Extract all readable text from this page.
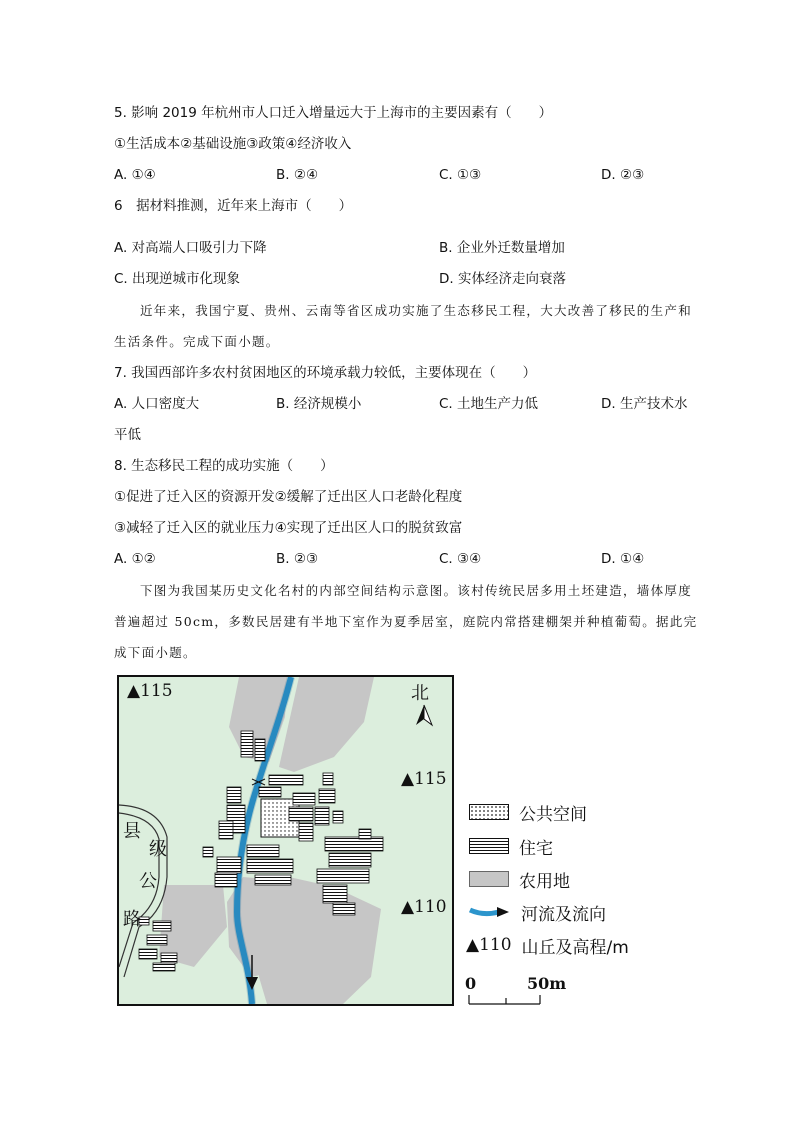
5. 影响 2019 年杭州市人口迁入增量远大于上海市的主要因素有（　　）
①生活成本②基础设施③政策④经济收入
A. ①④	B. ②④	C. ①③	D. ②③
6　据材料推测，近年来上海市（　　）
A. 对高端人口吸引力下降	B. 企业外迁数量增加
C. 出现逆城市化现象	D. 实体经济走向衰落
近年来，我国宁夏、贵州、云南等省区成功实施了生态移民工程，大大改善了移民的生产和生活条件。完成下面小题。
7. 我国西部许多农村贫困地区的环境承载力较低，主要体现在（　　）
A. 人口密度大	B. 经济规模小	C. 土地生产力低	D. 生产技术水
平低
8. 生态移民工程的成功实施（　　）
①促进了迁入区的资源开发②缓解了迁出区人口老龄化程度
③减轻了迁入区的就业压力④实现了迁出区人口的脱贫致富
A. ①②	B. ②③	C. ③④	D. ①④
下图为我国某历史文化名村的内部空间结构示意图。该村传统民居多用土坯建造，墙体厚度普遍超过 50cm，多数民居建有半地下室作为夏季居室，庭院内常搭建棚架并种植葡萄。据此完成下面小题。
▲115
▲115
▲110
北
县
级
公
路
公共空间
住宅
农用地
河流及流向
▲110 山丘及高程/m
0	50m
